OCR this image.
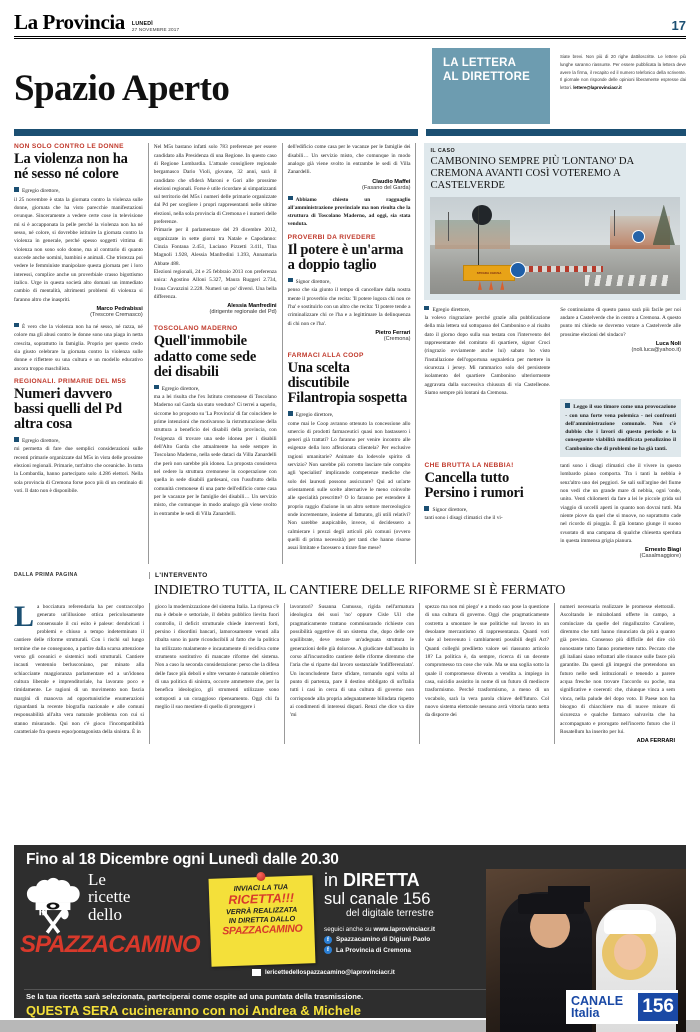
La Provincia LUNEDÌ
27 NOVEMBRE 2017	17
Spazio Aperto
LA LETTERA
AL DIRETTORE
Siate brevi. Non più di 20 righe dattiloscritte. Le lettere più lunghe saranno riassunte. Per essere pubblicata la lettera deve avere la firma, il recapito ed il numero telefonico della scrivente. Il giornale non risponde delle opinioni liberamente espresse dai lettori. lettere@laprovinciacr.it
NON SOLO CONTRO LE DONNE
La violenza non ha né sesso né colore

Egregio direttore,

il 25 novembre è stata la giornata contro la violenza sulle donne, giornata che ha visto parecchie manifestazioni ovunque. Sinceramente a vedere certe cose in televisione mi si è accapponata la pelle perché la violenza non ha né sesso, né colore, si dovrebbe istituire la giornata contro la violenza in generale, perché spesso soggetti vittima di violenza non sono solo donne, ma al contrario di quanto succede anche uomini, bambini e animali. Che tristezza poi vedere le femministe manipolare questa giornata per i loro interessi, complice anche un proverbiale crasso bigottismo italico. Urge in questa società alto domani un immediato cambio di mentalità, altrimenti problemi di violenza si faranno altro che inaspriti.

Marco Pedrabissi
(Trescore Cremasco)

È vero che la violenza non ha né sesso, né razza, né colore ma gli abusi contro le donne sono una piaga in netta crescita, soprattutto in famiglia. Proprio per questo credo sia giusto celebrare la giornata contro la violenza sulle donne e riflettere su una cultura e un modello educativo ancora troppo maschilista.

REGIONALI. PRIMARIE DEL M5S
Numeri davvero bassi quelli del Pd altra cosa

Egregio direttore,

mi permetta di fare due semplici considerazioni sulle recenti primarie organizzate dal M5s in vista delle prossime elezioni regionali. Primarie, tutt'altro che oceaniche. In tutta la Lombardia, hanno partecipato solo 4.286 elettori. Nella sola provincia di Cremona forse poco più di un centinaio di voti. Il dato non è disponibile.

Nel M5s bastano infatti solo 783 preferenze per essere candidato alla Presidenza di una Regione. In questo caso di Regione Lombardia. L'attuale consigliere regionale bergamasco Dario Violi, giovane, 32 anni, sarà il candidato che sfiderà Maroni e Gori alle prossime elezioni regionali. Forse è utile ricordare ai simpatizzanti sul territorio del M5s i numeri delle primarie organizzate dal Pd per scegliere i propri rappresentanti nelle ultime elezioni, nella sola provincia di Cremona e i numeri delle preferenze.

Primarie per il parlamentare del 29 dicembre 2012, organizzate in sette giorni tra Natale e Capodanno: Cinzia Fontana 2.451, Luciano Pizzetti 3.411, Tina Magnoli 1.928, Alessia Manfredini 1.393, Annamaria Abbate 488.

Elezioni regionali, 24 e 25 febbraio 2013 con preferenza unica: Agostino Alloni 5.327, Maura Ruggeri 2.734, Ivana Cavazzini 2.228. Numeri un po' diversi. Una bella differenza.

Alessia Manfredini
(dirigente regionale del Pd)
TOSCOLANO MADERNO
Quell'immobile adatto come sede dei disabili

Egregio direttore,

ma a lei risulta che l'ex Istituto cremonese di Toscolano Maderno sul Garda sia stato venduto? Ci terrei a saperlo, siccome ho proposto su 'La Provincia' di far coincidere le prime intenzioni che motivarono la ristrutturazione della struttura a beneficio dei disabili della provincia, con l'esigenza di trovare una sede idonea per i disabili dell'Alto Garda che attualmente ha sede sempre in Toscolano Maderno, nella sede dataci da Villa Zanardelli che però non sarebbe più idonea. La proposta consisteva nel cedere la struttura cremonese in cooperazione con quella in sede disabili gardesani, con l'usufrutto della comunità cremonese di una parte dell'edificio come casa per le vacanze per le famiglie dei disabili… Un servizio misto, che comunque in modo analogo già viene svolto in entrambe le sedi di Villa Zanardelli.

dell'edificio come casa per le vacanze per le famiglie dei disabili… Un servizio misto, che comunque in modo analogo già viene svolto in entrambe le sedi di Villa Zanardelli.

Claudio Maffei
(Fasano del Garda)

Abbiamo chiesto un ragguaglio all'amministrazione provinciale ma non risulta che la struttura di Toscolano Maderno, ad oggi, sia stata venduta.

PROVERBI DA RIVEDERE
Il potere è un'arma a doppio taglio

Signor direttore,

penso che sia giunto il tempo di cancellare dalla nostra mente il proverbio che recita: 'Il potere logora chi non ce l'ha' e sostituirlo con un altro che recita: 'Il potere tende a criminalizzare chi ce l'ha e a legittimare la delinquenza di chi non ce l'ha'.

Pietro Ferrari
(Cremona)
FARMACI ALLA COOP
Una scelta discutibile Filantropia sospetta

Egregio direttore,

come mai le Coop avranno ottenuto la concessione allo smercio di prodotti farmaceutici quasi non bastassero i generi già trattati? Lo faranno per venire incontro alle esigenze della loro affezionata clientela? Per esclusive ragioni umanitarie? Animate da lodevole spirito di servizio? Non sarebbe più corretto lasciare tale compito agli 'specialisti' implicando competenze mediche che solo dei laureati possono assicurare? Qui ad un'arte orientamenti sulle scelte alternative le meno coinvolte alle specialità prescritte? O lo faranno per estendere il proprio raggio d'azione in un altro settore merceologico onde incrementare, insieme al fatturato, gli utili relativi? Non sarebbe auspicabile, invece, si decidessero a calmierare i prezzi degli articoli più comuni (ovvero quelli di prima necessità) per tanti che hanno risorse assai limitate e facessero a tirare fine mese?

IL CASO
CAMBONINO SEMPRE PIÙ 'LONTANO' DA CREMONA AVANTI COSÌ VOTEREMO A CASTELVERDE
STRADA CHIUSA

Egregio direttore,

la volevo ringraziare perché grazie alla pubblicazione della mia lettera sul sottopasso del Cambonino e al risalto dato il giorno dopo sulla sua testata con l'intervento del rappresentante del comitato di quartiere, signor Croci (ringrazio ovviamente anche lui) sabato ho visto l'installazione dell'opportuna segnaletica per mettere in sicurezza i jersey. Mi rammarico solo del persistente isolamento del quartiere Cambonino ulteriormente aggravata dalla successiva chiusura di via Castelleone. Siamo sempre più lontani da Cremona.

Se continuiamo di questo passo sarà più facile per noi andare a Castelverde che in centro a Cremona. A questo punto mi chiedo se dovremo votare a Castelverde alle prossime elezioni del sindaco?

Luca Noli
(noli.luca@yahoo.it)

Leggo il suo timore come una provocazione - con una forte vena polemica - nei confronti dell'amministrazione comunale. Non c'è dubbio che i lavori di questo periodo e la conseguente viabilità modificata penalizzino il Cambonino che di problemi ne ha già tanti.

CHE BRUTTA LA NEBBIA!
Cancella tutto Persino i rumori

Signor direttore,

tanti sono i disagi climatici che il vi-

tanti sono i disagi climatici che il vivere in questo lombardo piano comporta. Tra i tanti la nebbia è senz'altro uno dei peggiori. Se sali sull'argine del fiume non vedi che un grande mare di nebbia, ogni 'onde, unito. Venti chilometri da fare a lei le piccole grida sul viaggio di uccelli aperti in quanto non dovrai tutti. Ma niente piove da quel che si muove, no soprattutto cade nel ricordo di pioggia. È già lontano giunge il suono svuotato di una campana di qualche chiesetta sperduta in questa immensa grigia pianura.

Ernesto Biagi
(Casalmaggiore)
DALLA PRIMA PAGINA	L'INTERVENTO
INDIETRO TUTTA, IL CANTIERE DELLE RIFORME SI È FERMATO

La bocciatura referendaria ha per contraccolpo generato un'illusione ottica pericolosamente consensuale il cui esito è palese: derubricati i problemi e chiuso a tempo indeterminato il cantiere delle riforme strutturali. Con i rischi sul lungo termine che ne conseguono, a partire dalla scarsa attenzione verso gli oceanici e sistemici nodi strutturali. Cantiere incauti ventennio berlusconiano, pur minato alla schiacciante maggioranza parlamentare ed a un'idonea cultura liberale e imprenditoriale, ha lavorato poco e timidamente. Le ragioni di un movimento non fascia margini di manovra ad opportunistiche enumerazioni riguardanti la recente biografia nazionale e alle comuni responsabilità all'alta vera naturale problema con cui si stanno misurando. Qui non c'è gioco l'incompatibilità caratteriale fra questo equo/pontagonista della sinistra. È in

gioco la modernizzazione del sistema Italia. La ripresa c'è ma è debole e settoriale, il debito pubblico lievita fuori controllo, il deficit strutturale chiede interventi forti, persino i disordini bancari, lamorosamente venuti alla ribalta sono in parte riconducibili al fatto che la politica ha utilizzato malamente e incautamente di recidiva come strumento sostitutivo di mancate riforme del sistema. Non a caso la seconda considerazione: perso che la difesa delle fasce più deboli e oltre versante è naturale obiettivo di una politica di sinistra, occorre ammettere che, per la benefica ideologico, gli strumenti utilizzare sono sottoposti a un coraggioso ripensamento. Oggi chi fa meglio il suo mestiere di quello di proteggere i

lavoratori? Susanna Camusso, rigida nell'armatura ideologica dei suoi 'no' oppure Cisle Uil che pragmaticamente trattano commisurando richieste con possibilità oggettive di un sistema che, dopo delle ore squilibrate, deve restare un'adeguata struttura le generazioni delle già dolorose. A giudicare dall'assalto in corso all'incustodito cantiere delle riforme diremmo che l'aria che si riparte dal lavoro sostanziale 'indifferenziata'. Un inconcludente farce sfidare, tornando ogni volta al punto di partenza, pare il destino obbligato di un'Italia tutti i casi in cerca di una cultura di governo non corrisponde alla propria adeguatamente bilindata rispetto ai condimenti di interessi dispari. Renzi che dice va dire 'mi

spezzo ma non mi piego' e a modo suo pose la questione di una cultura di governo. Oggi che pragmaticamente costretta a smontare le sue politiche sul lavoro in un desolante mercantismo di rappresentanza. Quanti voti vale al benvenuto i cambiamenti possibili degli Act? Quanti colleghi prediletto valore sei riassunto articolo 18? La politica è, da sempre, ricerca di un decente compromesso tra cose che vale. Ma se una soglia sotto la quale il compromesso diventa a vendita a. impiego in casa, suicidio assistito in nome di un futuro di mediocre trasformismo. Perché trasformismo, a meno di un vocabolo, sarà la vera parola chiave dell'futuro. Col nuovo sistema elettorale nessuno avrà vittoria tanto netta da disporre dei

numeri necessaria realizzare le promesse elettorali. Ascoltando le mirabolanti offerte in campo, a cominciare da quelle del ringalluzzito Cavaliere, diremmo che tutti hanno rinunciato da più a quanto già previsto. Consenso più difficile del dire ciò nonostante tutto fanno promettere tutto. Peccato che gli italiani siano refrattari alle rinunce sulle fasce più garantite. Da questi gli impegni che pretendono un futuro nelle sedi istituzionali e tenendo a parere acqua fresche non trovare l'accordo su poche, ma significative e coerenti: che, chiunque vinca a sem vinca, nella palude del dopo voto. Il Paese non ha bisogno di chiacchiere ma di nuove misure di sicurezza e qualche farmaco salvavita che ha accompagnato e prorogato nell'incerto futuro che il Rosatellum ha inserito per lui.

ADA FERRARI
Fino al 18 Dicembre ogni Lunedì dalle 20.30
Le
ricette
dello
SPAZZACAMINO
INVIACI LA TUA
RICETTA!!!
VERRÀ REALIZZATA
IN DIRETTA DALLO
SPAZZACAMINO
in DIRETTA
sul canale 156
del digitale terrestre
seguici anche su www.laprovinciacr.it
f	Spazzacamino di Digiuni Paolo
f	La Provincia di Cremona
lericettedellospazzacamino@laprovinciacr.it
CANALE
Italia	156
Se la tua ricetta sarà selezionata, parteciperai come ospite ad una puntata della trasmissione.
QUESTA SERA cucineranno con noi Andrea & Michele
